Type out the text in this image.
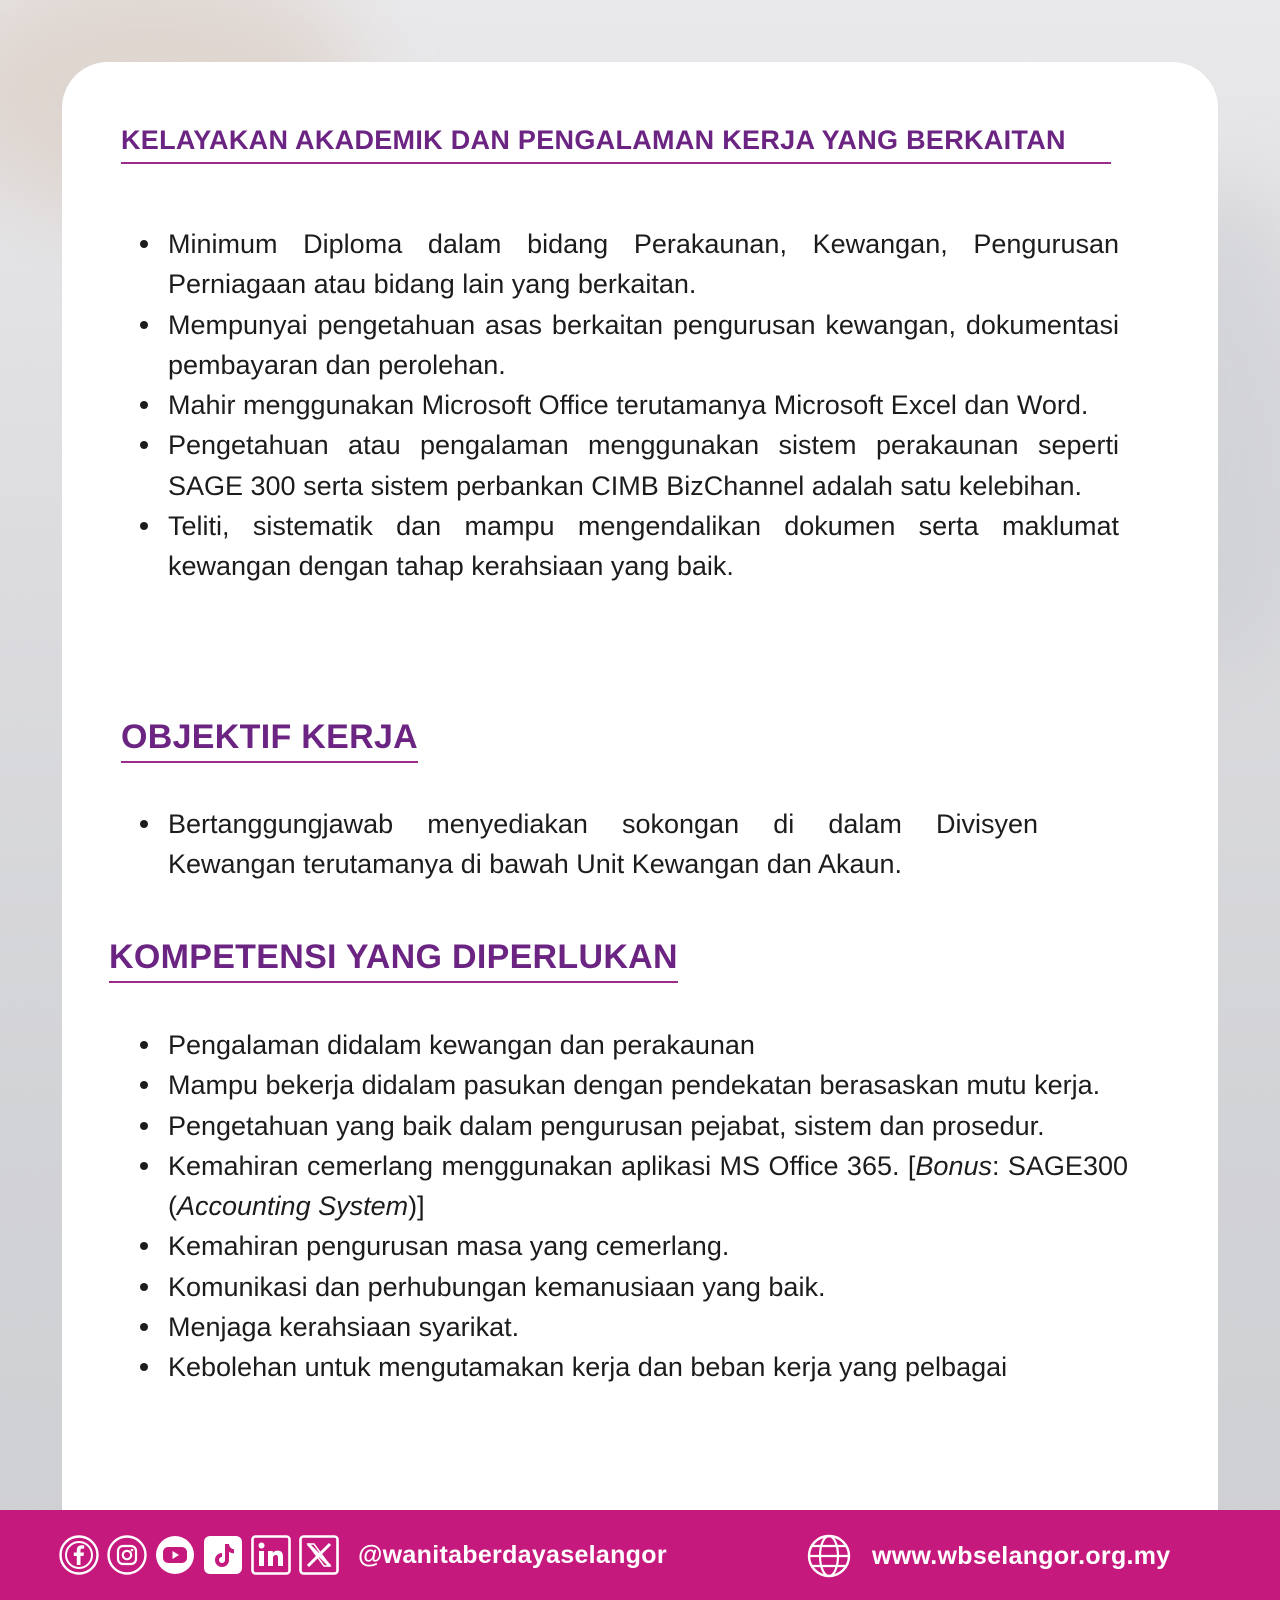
KELAYAKAN AKADEMIK DAN PENGALAMAN KERJA YANG BERKAITAN
Minimum Diploma dalam bidang Perakaunan, Kewangan, Pengurusan Perniagaan atau bidang lain yang berkaitan.
Mempunyai pengetahuan asas berkaitan pengurusan kewangan, dokumentasi pembayaran dan perolehan.
Mahir menggunakan Microsoft Office terutamanya Microsoft Excel dan Word.
Pengetahuan atau pengalaman menggunakan sistem perakaunan seperti SAGE 300 serta sistem perbankan CIMB BizChannel adalah satu kelebihan.
Teliti, sistematik dan mampu mengendalikan dokumen serta maklumat kewangan dengan tahap kerahsiaan yang baik.
OBJEKTIF KERJA
Bertanggungjawab menyediakan sokongan di dalam Divisyen Kewangan terutamanya di bawah Unit Kewangan dan Akaun.
KOMPETENSI YANG DIPERLUKAN
Pengalaman didalam kewangan dan perakaunan
Mampu bekerja didalam pasukan dengan pendekatan berasaskan mutu kerja.
Pengetahuan yang baik dalam pengurusan pejabat, sistem dan prosedur.
Kemahiran cemerlang menggunakan aplikasi MS Office 365. [Bonus: SAGE300 (Accounting System)]
Kemahiran pengurusan masa yang cemerlang.
Komunikasi dan perhubungan kemanusiaan yang baik.
Menjaga kerahsiaan syarikat.
Kebolehan untuk mengutamakan kerja dan beban kerja yang pelbagai
@wanitaberdayaselangor	www.wbselangor.org.my
